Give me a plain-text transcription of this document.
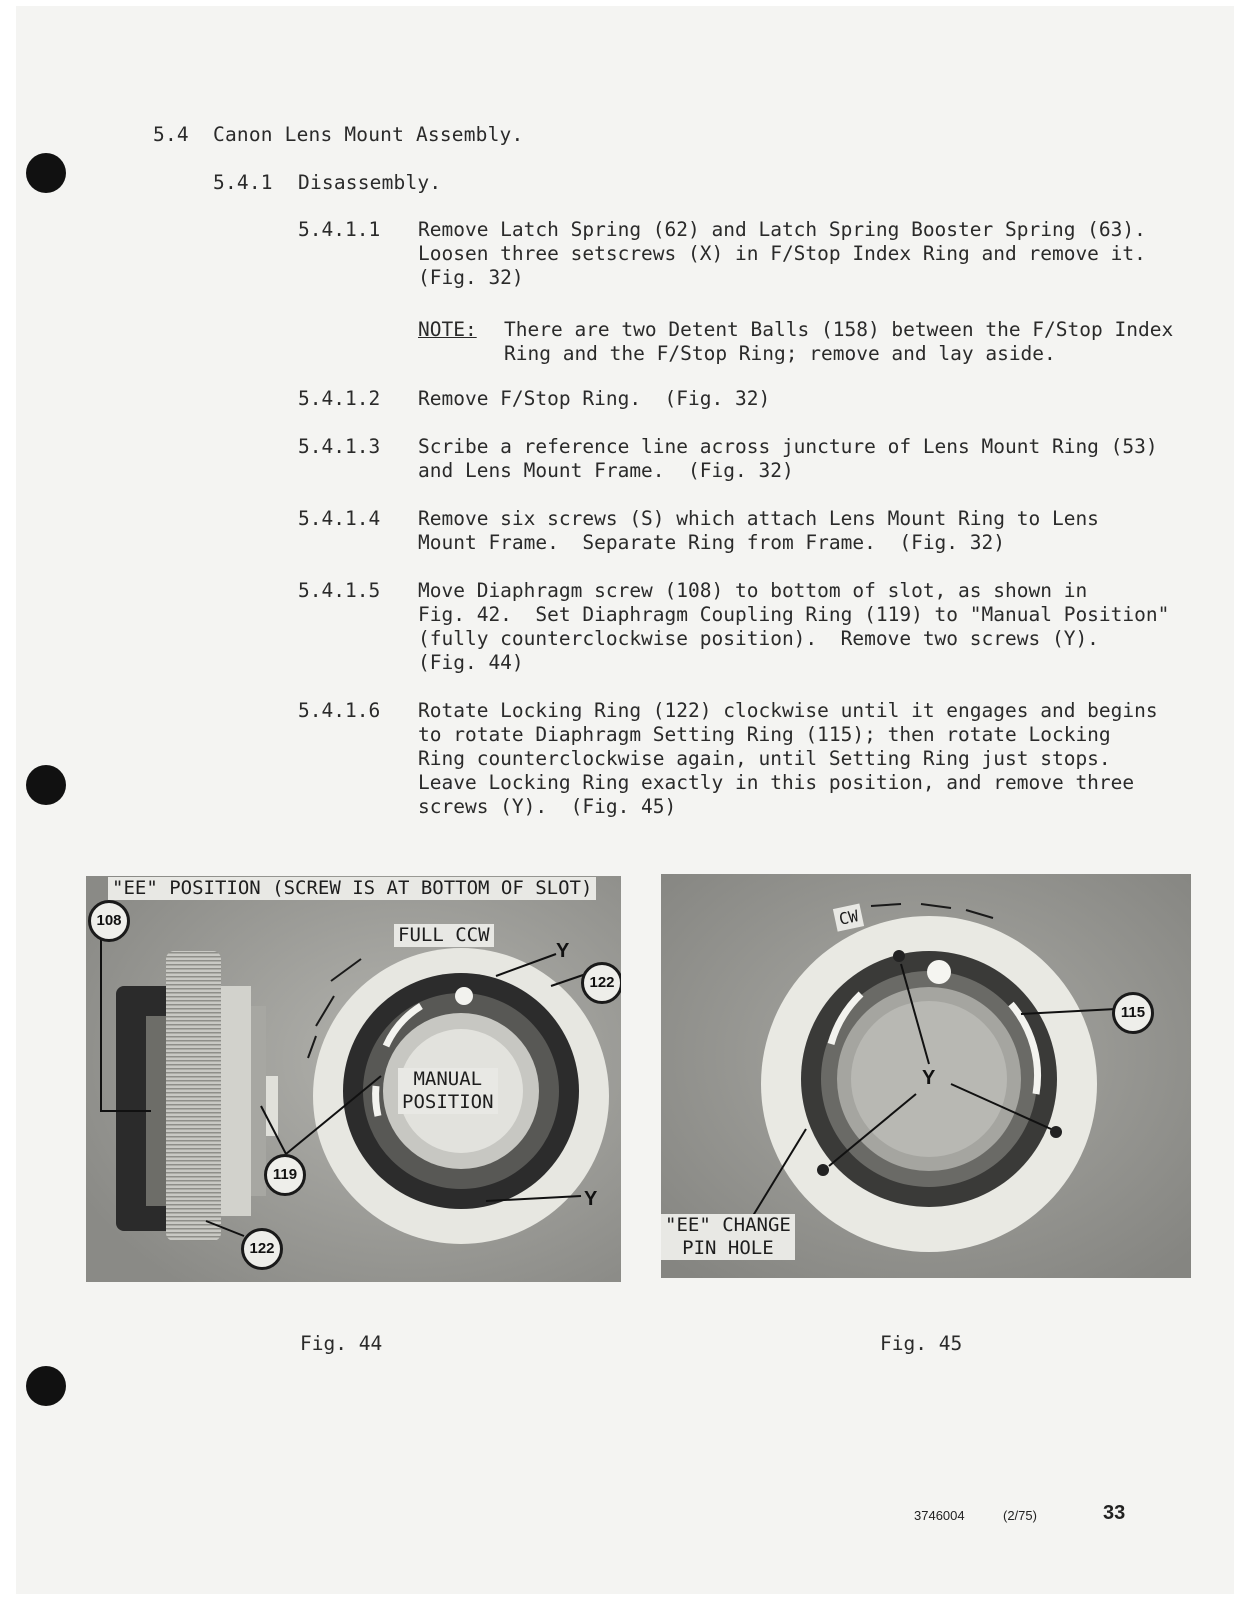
5.4 Canon Lens Mount Assembly.
5.4.1 Disassembly.
5.4.1.1 Remove Latch Spring (62) and Latch Spring Booster Spring (63).
Loosen three setscrews (X) in F/Stop Index Ring and remove it.
(Fig. 32)
NOTE: There are two Detent Balls (158) between the F/Stop Index
Ring and the F/Stop Ring; remove and lay aside.
5.4.1.2 Remove F/Stop Ring.  (Fig. 32)
5.4.1.3 Scribe a reference line across juncture of Lens Mount Ring (53)
and Lens Mount Frame.  (Fig. 32)
5.4.1.4 Remove six screws (S) which attach Lens Mount Ring to Lens
Mount Frame.  Separate Ring from Frame.  (Fig. 32)
5.4.1.5 Move Diaphragm screw (108) to bottom of slot, as shown in
Fig. 42.  Set Diaphragm Coupling Ring (119) to "Manual Position"
(fully counterclockwise position).  Remove two screws (Y).
(Fig. 44)
5.4.1.6 Rotate Locking Ring (122) clockwise until it engages and begins
to rotate Diaphragm Setting Ring (115); then rotate Locking
Ring counterclockwise again, until Setting Ring just stops.
Leave Locking Ring exactly in this position, and remove three
screws (Y).  (Fig. 45)
"EE" POSITION (SCREW IS AT BOTTOM OF SLOT)
FULL CCW
MANUAL
POSITION
108
122
119
122
Y
Y
Fig. 44
CW
"EE" CHANGE
PIN HOLE
115
Y
Fig. 45
3746004	(2/75)	33
